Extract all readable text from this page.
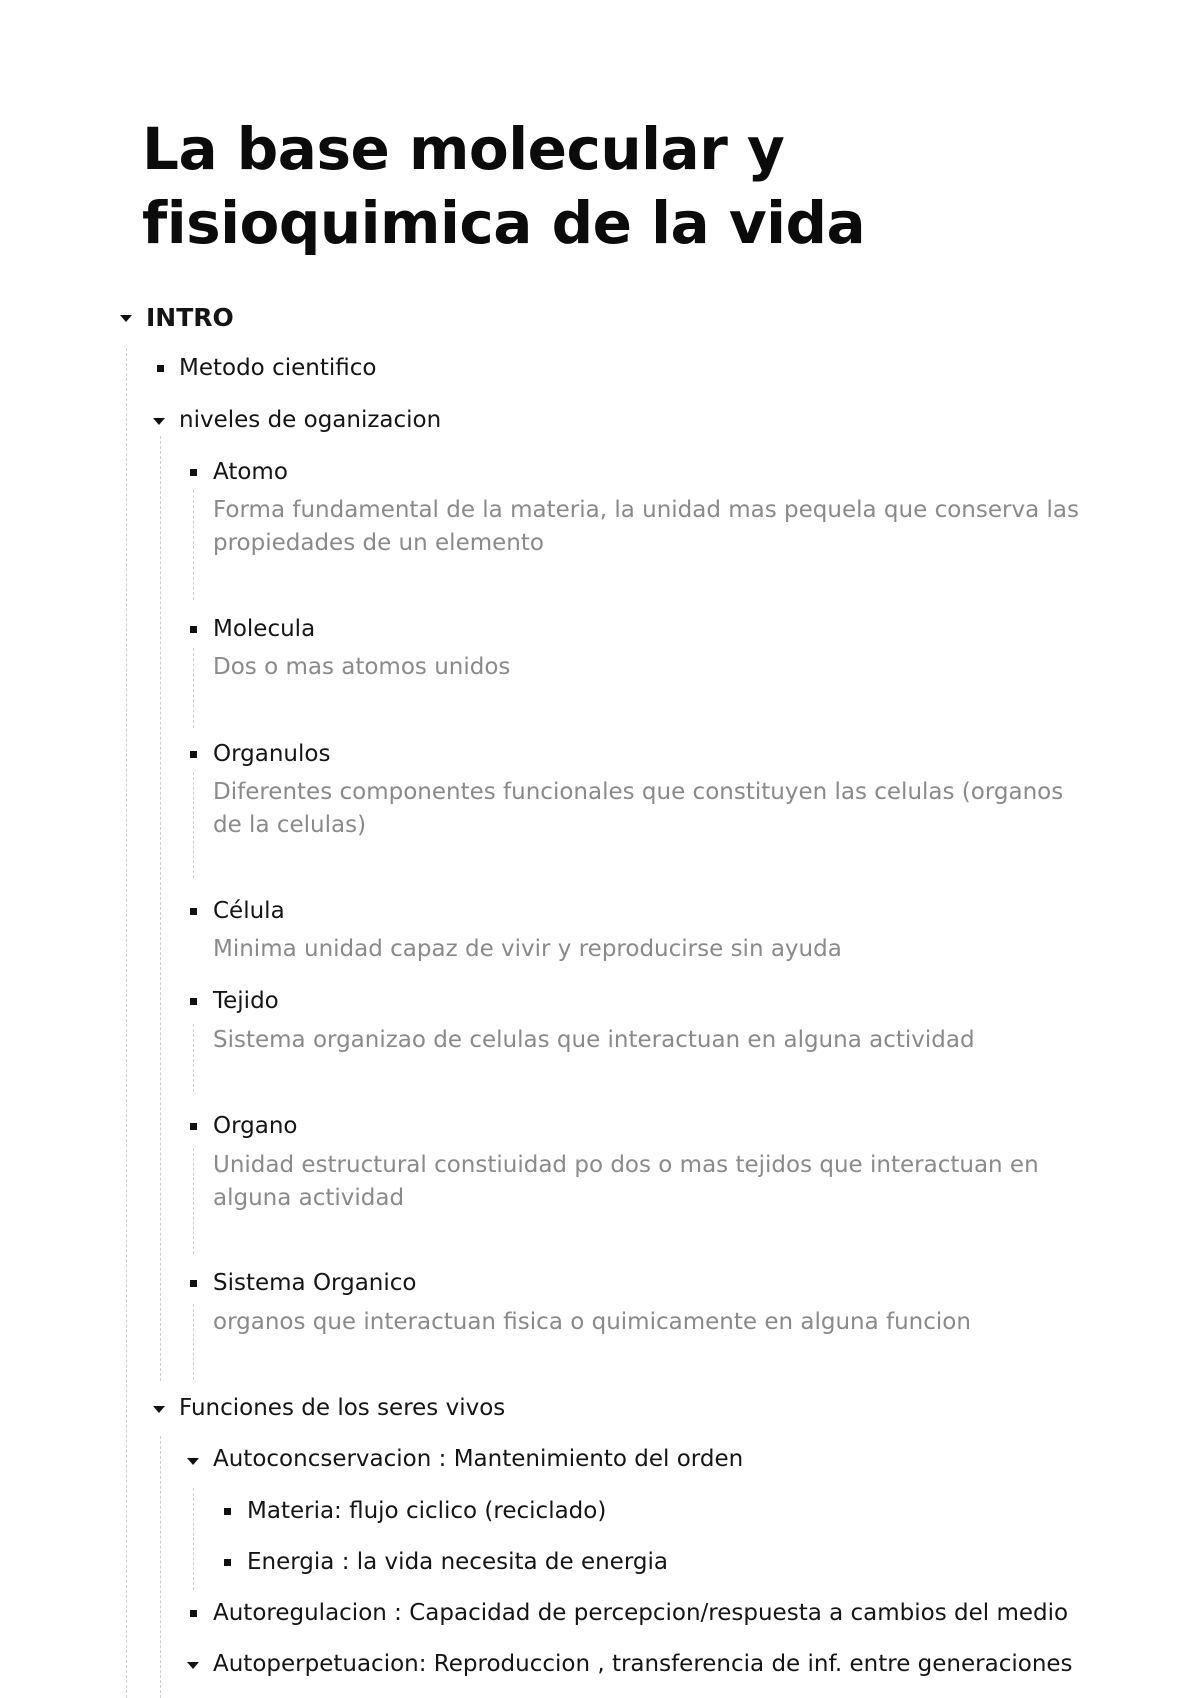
La base molecular y fisioquimica de la vida
INTRO
Metodo cientifico
niveles de oganizacion
Atomo
Forma fundamental de la materia, la unidad mas pequela que conserva las propiedades de un elemento
Molecula
Dos o mas atomos unidos
Organulos
Diferentes componentes funcionales que constituyen las celulas (organos de la celulas)
Célula
Minima unidad capaz de vivir y reproducirse sin ayuda
Tejido
Sistema organizao de celulas que interactuan en alguna actividad
Organo
Unidad estructural constiuidad po dos o mas tejidos que interactuan en alguna actividad
Sistema Organico
organos que interactuan fisica o quimicamente en alguna funcion
Funciones de los seres vivos
Autoconcservacion : Mantenimiento del orden
Materia: flujo ciclico (reciclado)
Energia : la vida necesita de energia
Autoregulacion : Capacidad de percepcion/respuesta a cambios del medio
Autoperpetuacion: Reproduccion , transferencia de inf. entre generaciones
